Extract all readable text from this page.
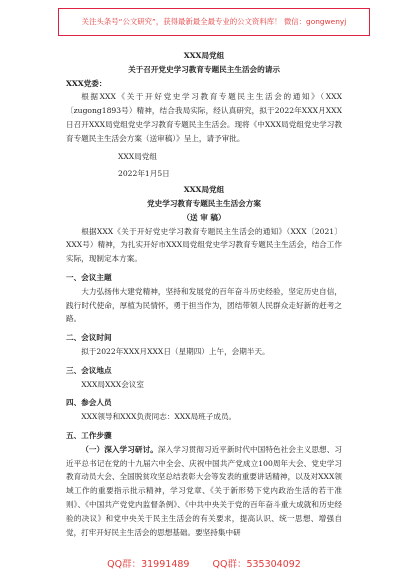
关注头条号“公文研究”，获得最新最全最专业的公文资料库！ 微信：gongwenyj

XXX局党组

关于召开党史学习教育专题民主生活会的请示

XXX党委：

根据XXX《关于开好党史学习教育专题民主生活会的通知》（XXX〔zugong1893号）精神，结合我局实际，经认真研究，拟于2022年XXX月XXX日召开XXX局党组党史学习教育专题民主生活会。现将《中XXX局党组党史学习教育专题民主生活会方案（送审稿）》呈上，请予审批。

XXX局党组

2022年1月5日

XXX局党组

党史学习教育专题民主生活会方案

（送 审 稿）

根据XXX《关于开好党史学习教育专题民主生活会的通知》（XXX〔2021〕XXX号）精神，为扎实开好市XXX局党组党史学习教育专题民主生活会，结合工作实际，现制定本方案。

一、会议主题

大力弘扬伟大建党精神，坚持和发展党的百年奋斗历史经验，坚定历史自信，践行时代使命，厚植为民情怀，勇于担当作为，团结带领人民群众走好新的赶考之路。

二、会议时间

拟于2022年XXX月XXX日（星期四）上午，会期半天。

三、会议地点

XXX局XXX会议室

四、参会人员

XXX领导和XXX负责同志：XXX局班子成员。

五、工作步骤

（一）深入学习研讨。深入学习贯彻习近平新时代中国特色社会主义思想、习近平总书记在党的十九届六中全会、庆祝中国共产党成立100周年大会、党史学习教育动员大会、全国脱贫攻坚总结表彰大会等发表的重要讲话精神，以及对XXX领域工作的重要指示批示精神，学习党章、《关于新形势下党内政治生活的若干准则》、《中国共产党党内监督条例》、《中共中央关于党的百年奋斗重大成就和历史经验的决议》和党中央关于民主生活会的有关要求，提高认识、统一思想、增强自觉，打牢开好民主生活会的思想基础。要坚持集中研

QQ群：31991489 QQ群：535304092
